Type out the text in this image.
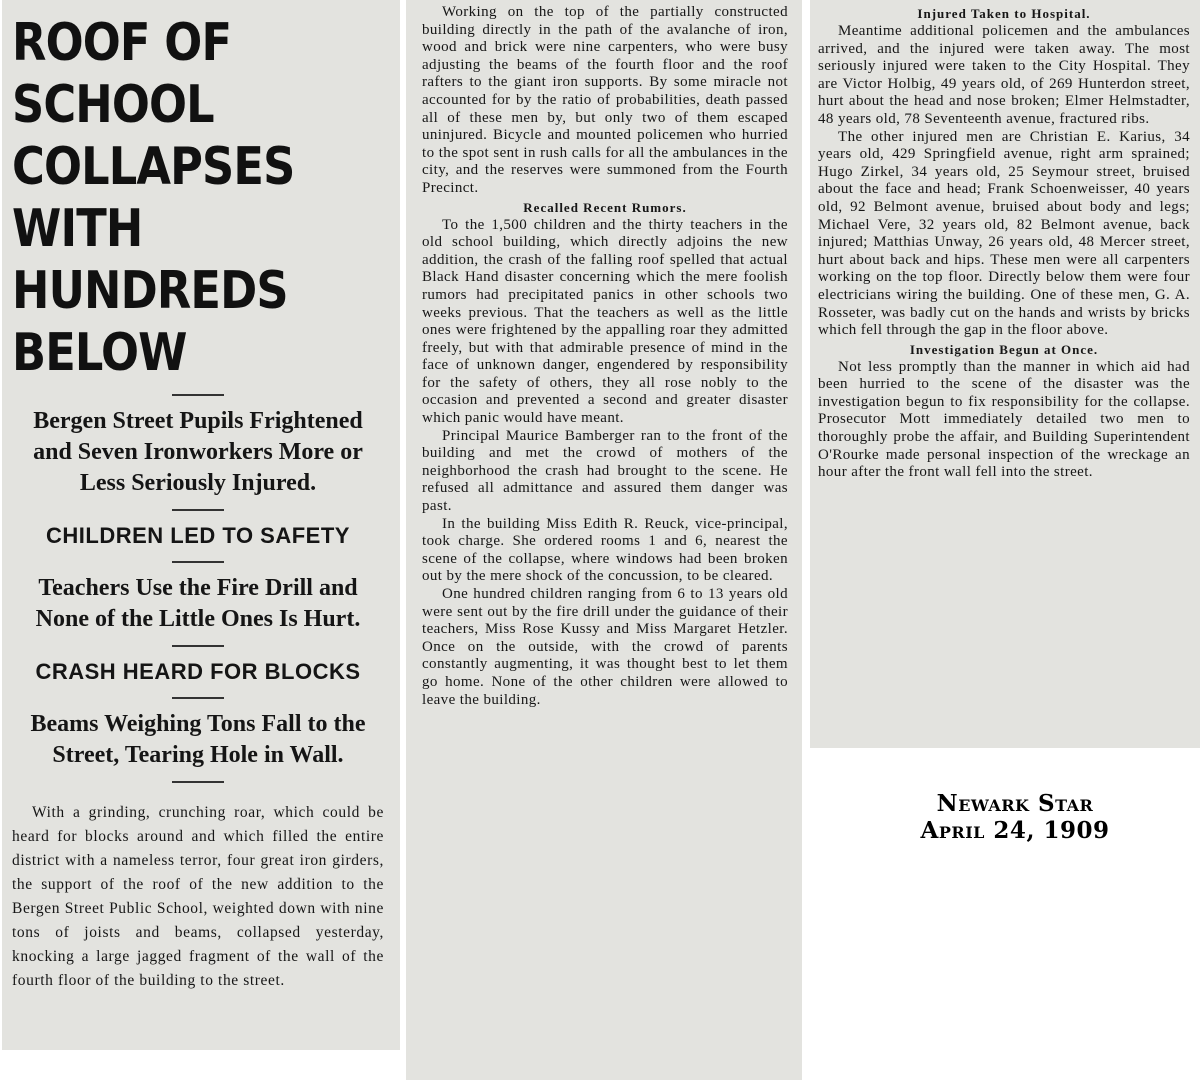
ROOF OF SCHOOL

COLLAPSES WITH

HUNDREDS BELOW

Bergen Street Pupils Frightened and Seven Ironworkers More or Less Seriously Injured.

CHILDREN LED TO SAFETY

Teachers Use the Fire Drill and None of the Little Ones Is Hurt.

CRASH HEARD FOR BLOCKS

Beams Weighing Tons Fall to the Street, Tearing Hole in Wall.

With a grinding, crunching roar, which could be heard for blocks around and which filled the entire district with a nameless terror, four great iron girders, the support of the roof of the new addition to the Bergen Street Public School, weighted down with nine tons of joists and beams, collapsed yesterday, knocking a large jagged fragment of the wall of the fourth floor of the building to the street.

Working on the top of the partially constructed building directly in the path of the avalanche of iron, wood and brick were nine carpenters, who were busy adjusting the beams of the fourth floor and the roof rafters to the giant iron supports. By some miracle not accounted for by the ratio of probabilities, death passed all of these men by, but only two of them escaped uninjured. Bicycle and mounted policemen who hurried to the spot sent in rush calls for all the ambulances in the city, and the reserves were summoned from the Fourth Precinct.

Recalled Recent Rumors.

To the 1,500 children and the thirty teachers in the old school building, which directly adjoins the new addition, the crash of the falling roof spelled that actual Black Hand disaster concerning which the mere foolish rumors had precipitated panics in other schools two weeks previous. That the teachers as well as the little ones were frightened by the appalling roar they admitted freely, but with that admirable presence of mind in the face of unknown danger, engendered by responsibility for the safety of others, they all rose nobly to the occasion and prevented a second and greater disaster which panic would have meant.

Principal Maurice Bamberger ran to the front of the building and met the crowd of mothers of the neighborhood the crash had brought to the scene. He refused all admittance and assured them danger was past.

In the building Miss Edith R. Reuck, vice-principal, took charge. She ordered rooms 1 and 6, nearest the scene of the collapse, where windows had been broken out by the mere shock of the concussion, to be cleared.

One hundred children ranging from 6 to 13 years old were sent out by the fire drill under the guidance of their teachers, Miss Rose Kussy and Miss Margaret Hetzler. Once on the outside, with the crowd of parents constantly augmenting, it was thought best to let them go home. None of the other children were allowed to leave the building.

Injured Taken to Hospital.

Meantime additional policemen and the ambulances arrived, and the injured were taken away. The most seriously injured were taken to the City Hospital. They are Victor Holbig, 49 years old, of 269 Hunterdon street, hurt about the head and nose broken; Elmer Helmstadter, 48 years old, 78 Seventeenth avenue, fractured ribs.

The other injured men are Christian E. Karius, 34 years old, 429 Springfield avenue, right arm sprained; Hugo Zirkel, 34 years old, 25 Seymour street, bruised about the face and head; Frank Schoenweisser, 40 years old, 92 Belmont avenue, bruised about body and legs; Michael Vere, 32 years old, 82 Belmont avenue, back injured; Matthias Unway, 26 years old, 48 Mercer street, hurt about back and hips. These men were all carpenters working on the top floor. Directly below them were four electricians wiring the building. One of these men, G. A. Rosseter, was badly cut on the hands and wrists by bricks which fell through the gap in the floor above.

Investigation Begun at Once.

Not less promptly than the manner in which aid had been hurried to the scene of the disaster was the investigation begun to fix responsibility for the collapse. Prosecutor Mott immediately detailed two men to thoroughly probe the affair, and Building Superintendent O'Rourke made personal inspection of the wreckage an hour after the front wall fell into the street.

Newark Star
April 24, 1909
